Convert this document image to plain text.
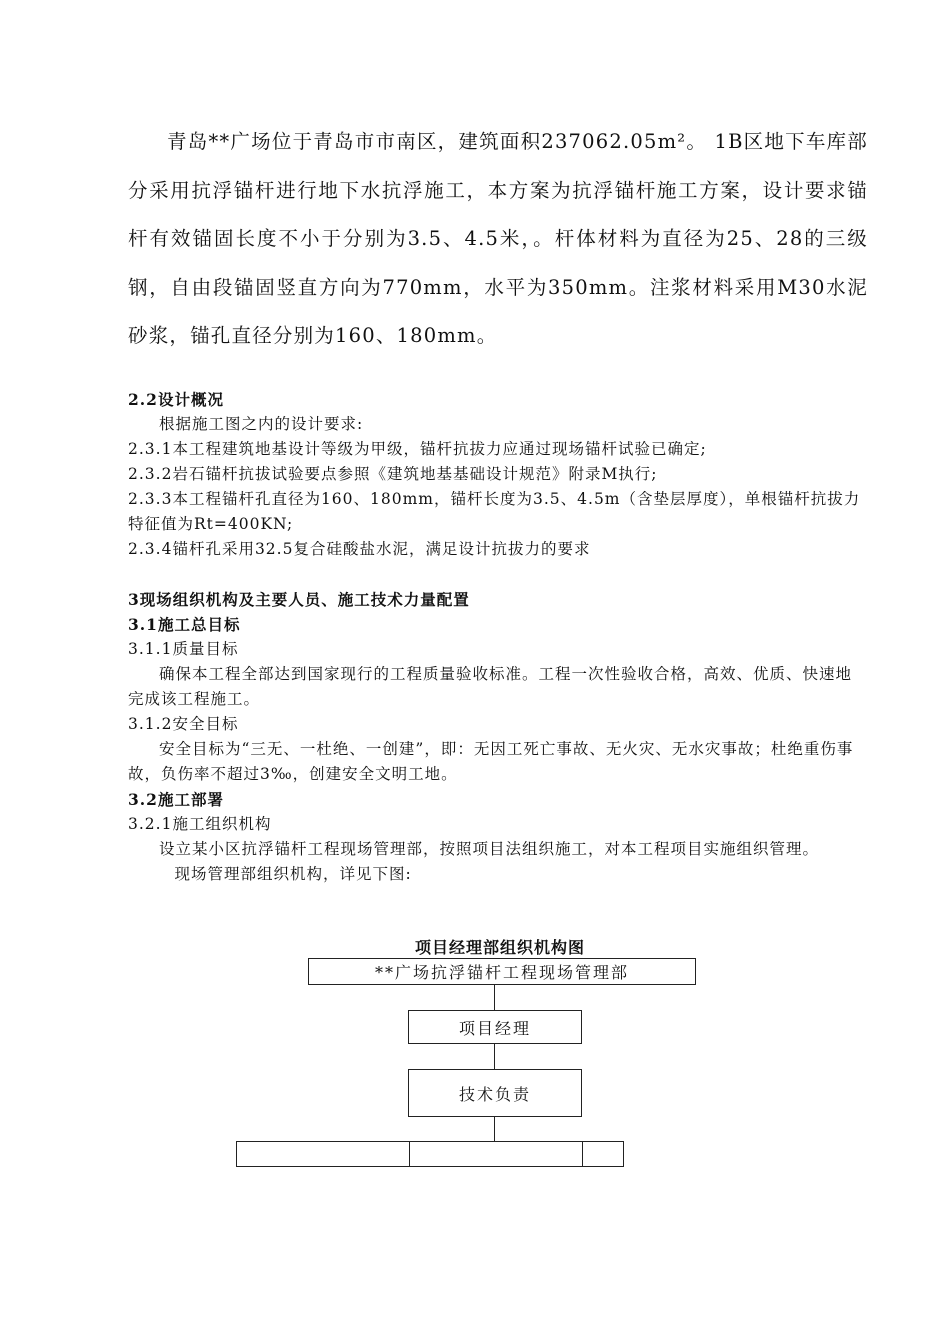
青岛**广场位于青岛市市南区，建筑面积237062.05m²。 1B区地下车库部分采用抗浮锚杆进行地下水抗浮施工，本方案为抗浮锚杆施工方案，设计要求锚杆有效锚固长度不小于分别为3.5、4.5米，。杆体材料为直径为25、28的三级钢，自由段锚固竖直方向为770mm，水平为350mm。注浆材料采用M30水泥砂浆，锚孔直径分别为160、180mm。

2.2设计概况

根据施工图之内的设计要求:

2.3.1本工程建筑地基设计等级为甲级，锚杆抗拔力应通过现场锚杆试验已确定;

2.3.2岩石锚杆抗拔试验要点参照《建筑地基基础设计规范》附录M执行;

2.3.3本工程锚杆孔直径为160、180mm，锚杆长度为3.5、4.5m（含垫层厚度），单根锚杆抗拔力特征值为Rt=400KN;

2.3.4锚杆孔采用32.5复合硅酸盐水泥，满足设计抗拔力的要求

3现场组织机构及主要人员、施工技术力量配置

3.1施工总目标

3.1.1质量目标

确保本工程全部达到国家现行的工程质量验收标准。工程一次性验收合格，高效、优质、快速地完成该工程施工。

3.1.2安全目标

安全目标为“三无、一杜绝、一创建”，即：无因工死亡事故、无火灾、无水灾事故；杜绝重伤事故，负伤率不超过3‰，创建安全文明工地。

3.2施工部署

3.2.1施工组织机构

设立某小区抗浮锚杆工程现场管理部，按照项目法组织施工，对本工程项目实施组织管理。

现场管理部组织机构，详见下图:

项目经理部组织机构图
**广场抗浮锚杆工程现场管理部
项目经理
技术负责
